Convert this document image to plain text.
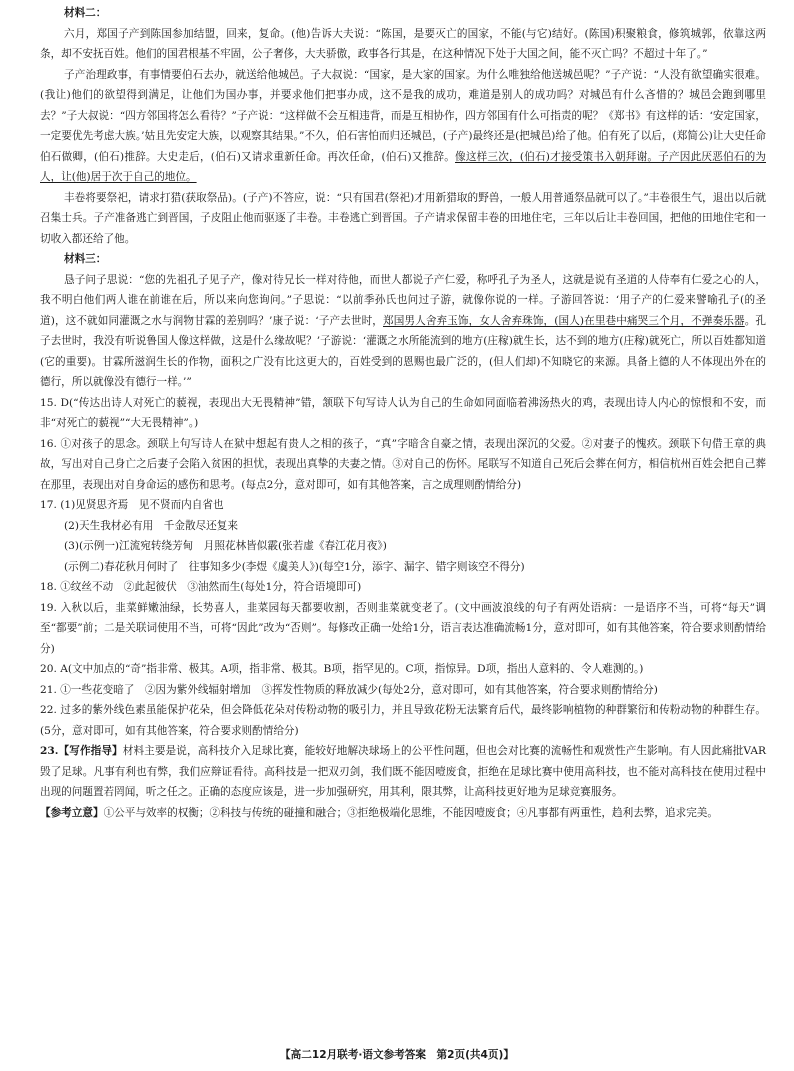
材料二：

六月，郑国子产到陈国参加结盟，回来，复命。(他)告诉大夫说：“陈国，是要灭亡的国家，不能(与它)结好。(陈国)积聚粮食，修筑城郭，依靠这两条，却不安抚百姓。他们的国君根基不牢固，公子奢侈，大夫骄傲，政事各行其是，在这种情况下处于大国之间，能不灭亡吗？不超过十年了。”

子产治理政事，有事情要伯石去办，就送给他城邑。子大叔说：“国家，是大家的国家。为什么唯独给他送城邑呢？”子产说：“人没有欲望确实很难。(我让)他们的欲望得到满足，让他们为国办事，并要求他们把事办成，这不是我的成功，难道是别人的成功吗？对城邑有什么吝惜的？城邑会跑到哪里去？”子大叔说：“四方邻国将怎么看待？”子产说：“这样做不会互相违背，而是互相协作，四方邻国有什么可指责的呢？《郑书》有这样的话：‘安定国家，一定要优先考虑大族。’姑且先安定大族，以观察其结果。”不久，伯石害怕而归还城邑，(子产)最终还是(把城邑)给了他。伯有死了以后，(郑简公)让大史任命伯石做卿，(伯石)推辞。大史走后，(伯石)又请求重新任命。再次任命，(伯石)又推辞。像这样三次，(伯石)才接受策书入朝拜谢。子产因此厌恶伯石的为人，让(他)居于次于自己的地位。

丰卷将要祭祀，请求打猎(获取祭品)。(子产)不答应，说：“只有国君(祭祀)才用新猎取的野兽，一般人用普通祭品就可以了。”丰卷很生气，退出以后就召集士兵。子产准备逃亡到晋国，子皮阻止他而驱逐了丰卷。丰卷逃亡到晋国。子产请求保留丰卷的田地住宅，三年以后让丰卷回国，把他的田地住宅和一切收入都还给了他。

材料三：

恳子问子思说：“您的先祖孔子见子产，像对待兄长一样对待他，而世人都说子产仁爱，称呼孔子为圣人，这就是说有圣道的人侍奉有仁爱之心的人，我不明白他们两人谁在前谁在后，所以来向您询问。”子思说：“以前季孙氏也问过子游，就像你说的一样。子游回答说：‘用子产的仁爱来譬喻孔子(的圣道)，这不就如同灌溉之水与润物甘霖的差别吗？’康子说：‘子产去世时，郑国男人舍弃玉饰，女人舍弃珠饰，(国人)在里巷中痛哭三个月，不弹奏乐器。孔子去世时，我没有听说鲁国人像这样做，这是什么缘故呢？’子游说：‘灌溉之水所能流到的地方(庄稼)就生长，达不到的地方(庄稼)就死亡，所以百姓都知道(它的重要)。甘霖所滋润生长的作物，面积之广没有比这更大的，百姓受到的恩赐也最广泛的，(但人们却)不知晓它的来源。具备上德的人不体现出外在的德行，所以就像没有德行一样。’”

15. D(“传达出诗人对死亡的藐视，表现出大无畏精神”错，颔联下句写诗人认为自己的生命如同面临着沸汤热火的鸡，表现出诗人内心的惊恨和不安，而非“对死亡的藐视”“大无畏精神”。)

16. ①对孩子的思念。颈联上句写诗人在狱中想起有贵人之相的孩子，“真”字暗含自豪之情，表现出深沉的父爱。②对妻子的愧疚。颈联下句借王章的典故，写出对自己身亡之后妻子会陷入贫困的担忧，表现出真挚的夫妻之情。③对自己的伤怀。尾联写不知道自己死后会葬在何方，相信杭州百姓会把自己葬在那里，表现出对自身命运的感伤和思考。(每点2分，意对即可，如有其他答案，言之成理则酌情给分)

17. (1)见贤思齐焉　见不贤而内自省也

(2)天生我材必有用　千金散尽还复来

(3)(示例一)江流宛转绕芳甸　月照花林皆似霰(张若虚《春江花月夜》)

(示例二)春花秋月何时了　往事知多少(李煜《虞美人》)(每空1分，添字、漏字、错字则该空不得分)

18. ①纹丝不动　②此起彼伏　③油然而生(每处1分，符合语境即可)

19. 入秋以后，韭菜鲜嫩油绿，长势喜人，韭菜园每天都要收割，否则韭菜就变老了。(文中画波浪线的句子有两处语病：一是语序不当，可将“每天”调至“都要”前；二是关联词使用不当，可将“因此”改为“否则”。每修改正确一处给1分，语言表达准确流畅1分，意对即可，如有其他答案，符合要求则酌情给分)

20. A(文中加点的“奇”指非常、极其。A项，指非常、极其。B项，指罕见的。C项，指惊异。D项，指出人意料的、令人难测的。)

21. ①一些花变暗了　②因为紫外线辐射增加　③挥发性物质的释放减少(每处2分，意对即可，如有其他答案，符合要求则酌情给分)

22. 过多的紫外线色素虽能保护花朵，但会降低花朵对传粉动物的吸引力，并且导致花粉无法繁育后代，最终影响植物的种群繁衍和传粉动物的种群生存。(5分，意对即可，如有其他答案，符合要求则酌情给分)

23.【写作指导】材料主要是说，高科技介入足球比赛，能较好地解决球场上的公平性问题，但也会对比赛的流畅性和观赏性产生影响。有人因此痛批VAR毁了足球。凡事有利也有弊，我们应辩证看待。高科技是一把双刃剑，我们既不能因噎废食，拒绝在足球比赛中使用高科技，也不能对高科技在使用过程中出现的问题置若罔闻，听之任之。正确的态度应该是，进一步加强研究，用其利，限其弊，让高科技更好地为足球竞赛服务。

【参考立意】①公平与效率的权衡；②科技与传统的碰撞和融合；③拒绝极端化思维，不能因噎废食；④凡事都有两重性，趋利去弊，追求完美。

【高二12月联考·语文参考答案　第2页(共4页)】
